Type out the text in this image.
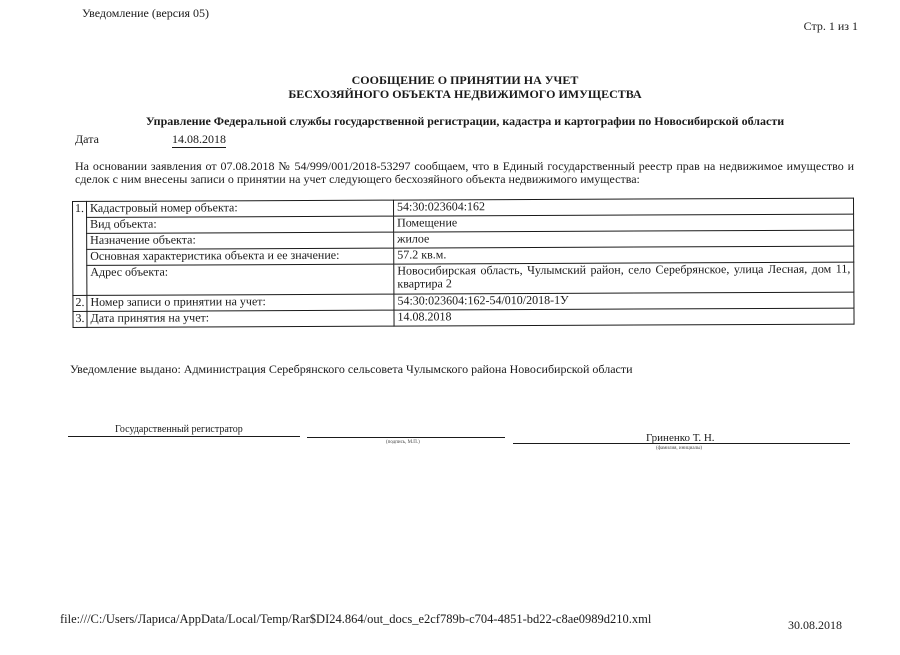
Уведомление (версия 05)
Стр. 1 из 1
СООБЩЕНИЕ О ПРИНЯТИИ НА УЧЕТ
БЕСХОЗЯЙНОГО ОБЪЕКТА НЕДВИЖИМОГО ИМУЩЕСТВА
Управление Федеральной службы государственной регистрации, кадастра и картографии по Новосибирской области
Дата	14.08.2018
На основании заявления от 07.08.2018 № 54/999/001/2018-53297 сообщаем, что в Единый государственный реестр прав на недвижимое имущество и сделок с ним внесены записи о принятии на учет следующего бесхозяйного объекта недвижимого имущества:
1.	Кадастровый номер объекта:	54:30:023604:162
	Вид объекта:	Помещение
	Назначение объекта:	жилое
	Основная характеристика объекта и ее значение:	57.2 кв.м.
	Адрес объекта:	Новосибирская область, Чулымский район, село Серебрянское, улица Лесная, дом 11, квартира 2
2.	Номер записи о принятии на учет:	54:30:023604:162-54/010/2018-1У
3.	Дата принятия на учет:	14.08.2018
Уведомление выдано: Администрация Серебрянского сельсовета Чулымского района Новосибирской области
Государственный регистратор
(подпись, М.П.)	Гриненко Т. Н.
(фамилия, инициалы)
file:///C:/Users/Лариса/AppData/Local/Temp/Rar$DI24.864/out_docs_e2cf789b-c704-4851-bd22-c8ae0989d210.xml	30.08.2018
